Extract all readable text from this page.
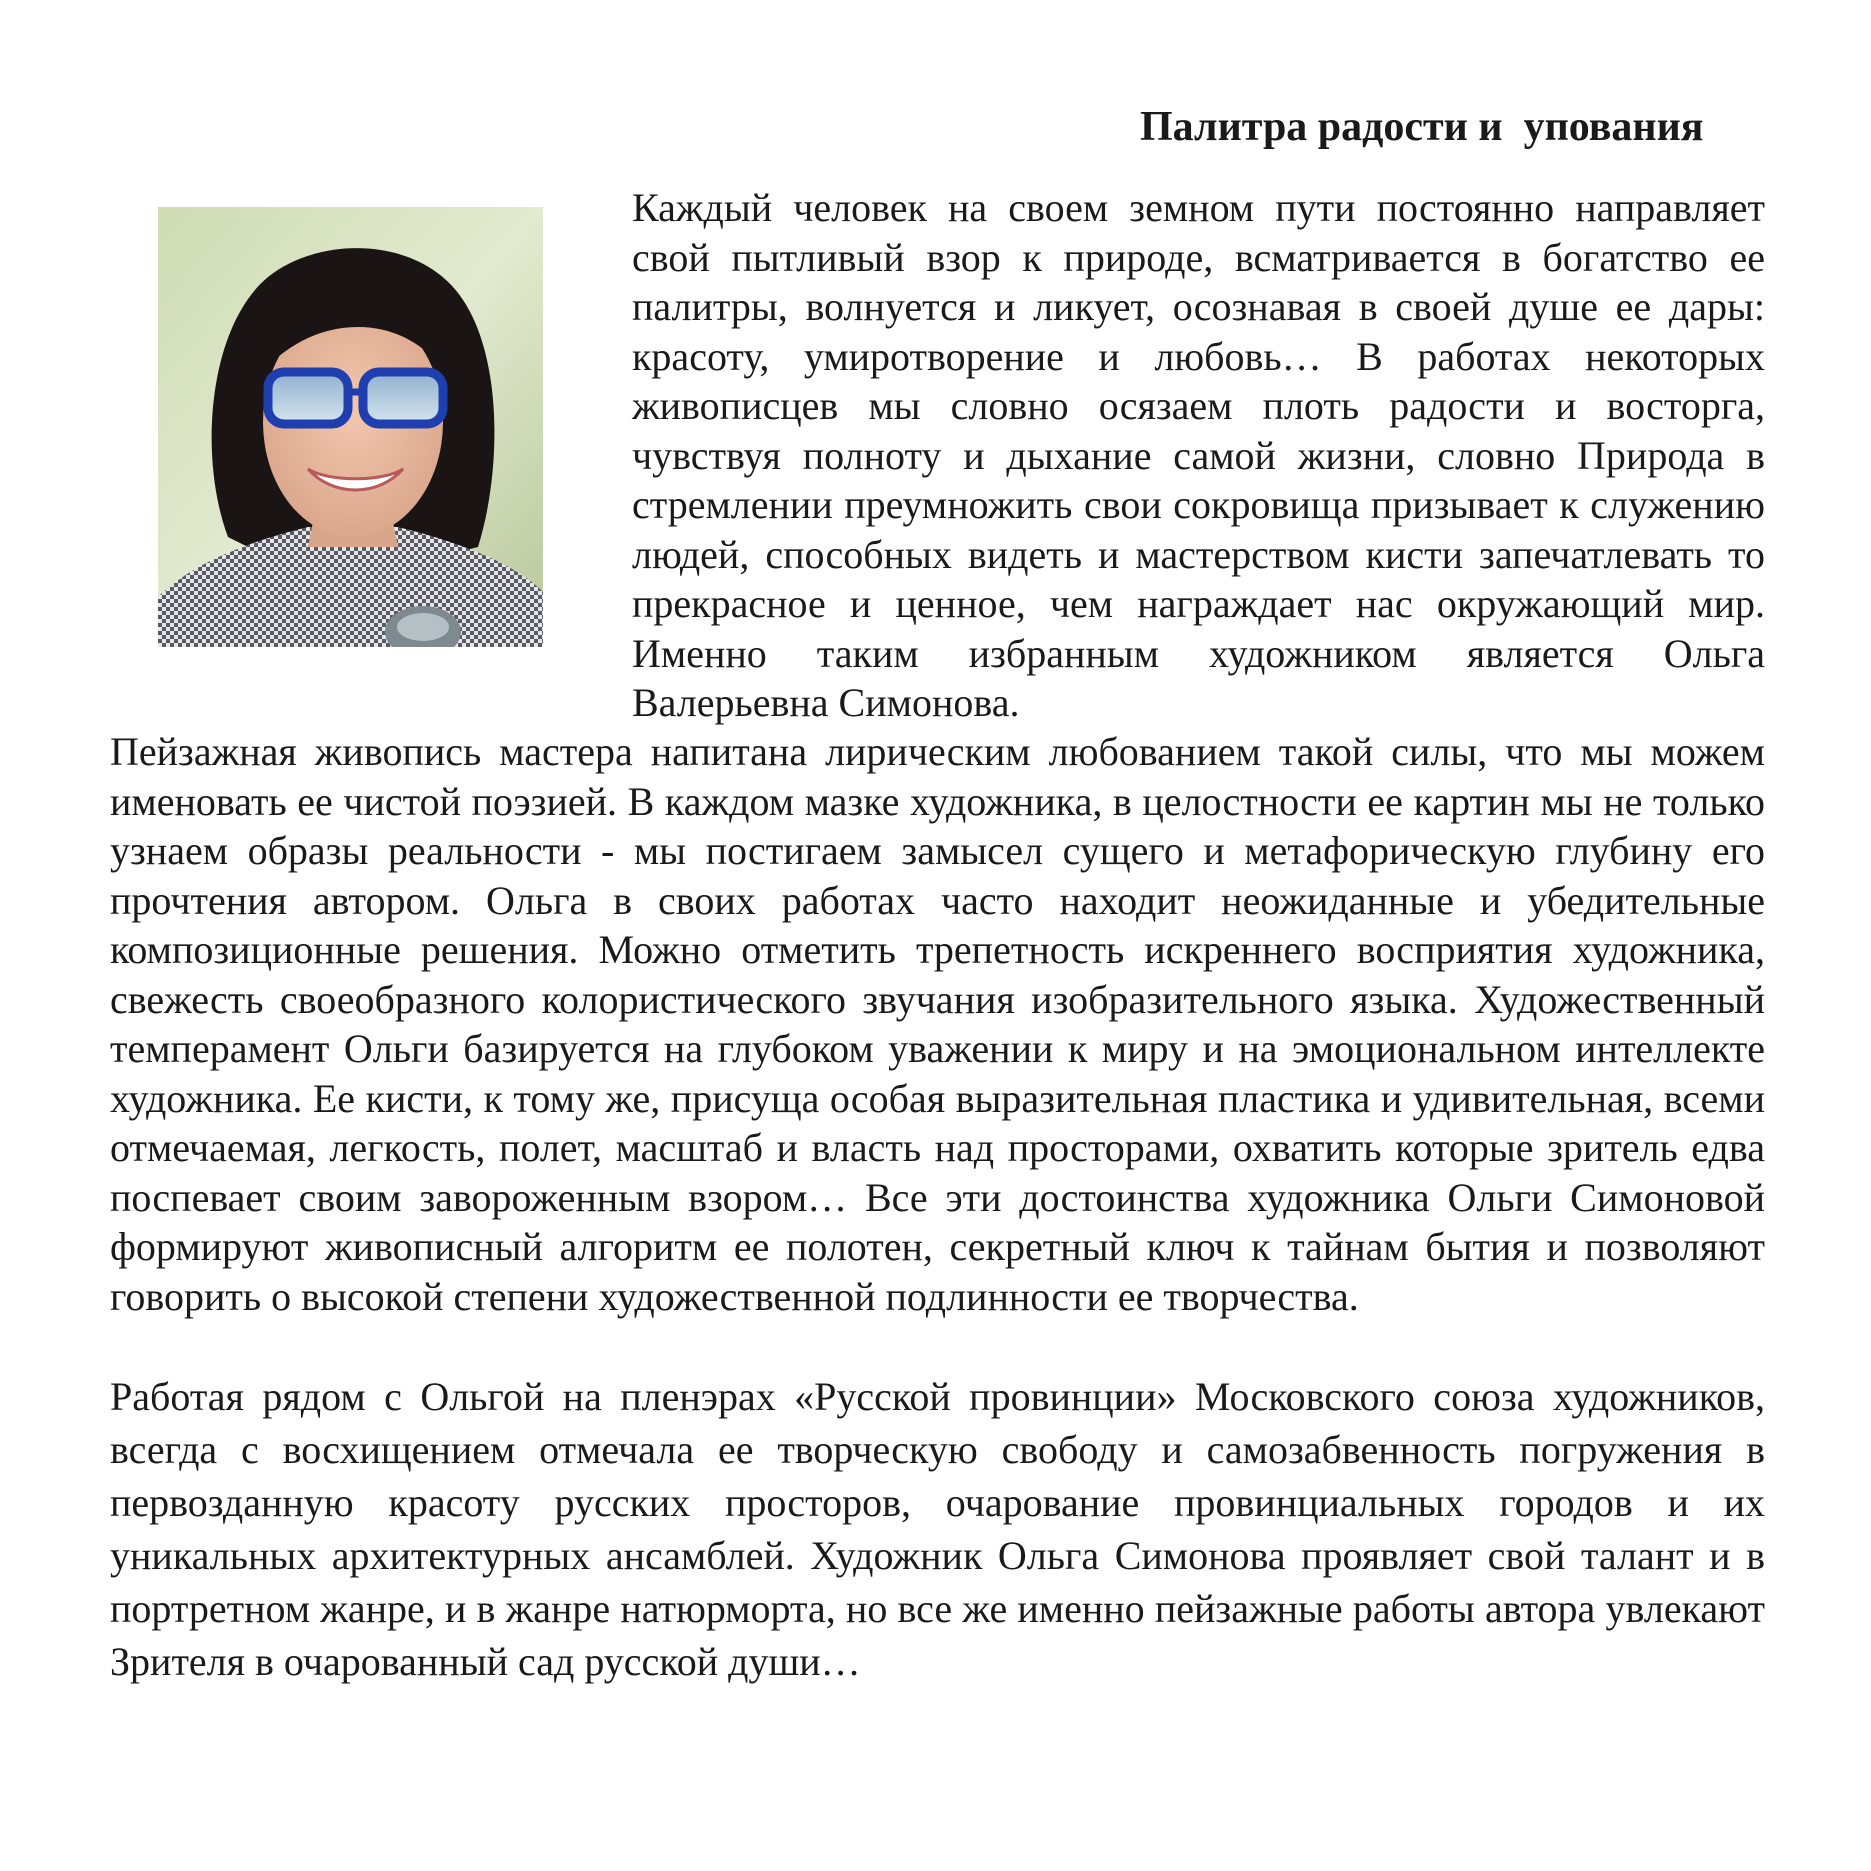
Палитра радости и  упования

Каждый человек на своем земном пути постоянно направляет свой пытливый взор к природе, всматривается в богатство ее палитры, волнуется и ликует, осознавая в своей душе ее дары: красоту, умиротворение и любовь… В работах некоторых живописцев мы словно осязаем плоть радости и восторга, чувствуя полноту и дыхание самой жизни, словно Природа в стремлении преумножить свои сокровища призывает к служению людей, способных видеть и мастерством кисти запечатлевать то прекрасное и ценное, чем награждает нас окружающий мир. Именно таким избранным художником является Ольга Валерьевна Симонова.

Пейзажная живопись мастера напитана лирическим любованием такой силы, что мы можем именовать ее чистой поэзией. В каждом мазке художника, в целостности ее картин мы не только узнаем образы реальности - мы постигаем замысел сущего и метафорическую глубину его прочтения автором. Ольга в своих работах часто находит неожиданные и убедительные композиционные решения. Можно отметить трепетность искреннего восприятия художника, свежесть своеобразного колористического звучания изобразительного языка. Художественный темперамент Ольги базируется на глубоком уважении к миру и на эмоциональном интеллекте художника. Ее кисти, к тому же, присуща особая выразительная пластика и удивительная, всеми отмечаемая, легкость, полет, масштаб и власть над просторами, охватить которые зритель едва поспевает своим завороженным взором… Все эти достоинства художника Ольги Симоновой формируют живописный алгоритм ее полотен, секретный ключ к тайнам бытия и позволяют говорить о высокой степени художественной подлинности ее творчества.

Работая рядом с Ольгой на пленэрах «Русской провинции» Московского союза художников, всегда с восхищением отмечала ее творческую свободу и самозабвенность погружения в первозданную красоту русских просторов, очарование провинциальных городов и их уникальных архитектурных ансамблей. Художник Ольга Симонова проявляет свой талант и в портретном жанре, и в жанре натюрморта, но все же именно пейзажные работы автора увлекают Зрителя в очарованный сад русской души…
